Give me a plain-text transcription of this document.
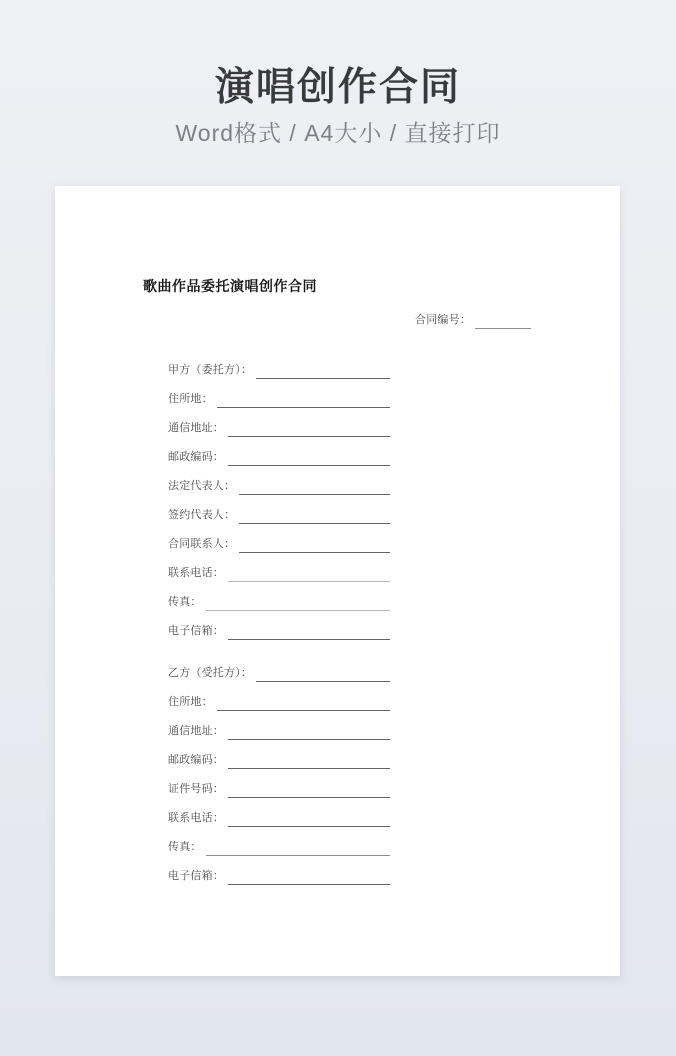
演唱创作合同
Word格式 / A4大小 / 直接打印
歌曲作品委托演唱创作合同
合同编号：
甲方（委托方）：
住所地：
通信地址：
邮政编码：
法定代表人：
签约代表人：
合同联系人：
联系电话：
传真：
电子信箱：
乙方（受托方）：
住所地：
通信地址：
邮政编码：
证件号码：
联系电话：
传真：
电子信箱：
